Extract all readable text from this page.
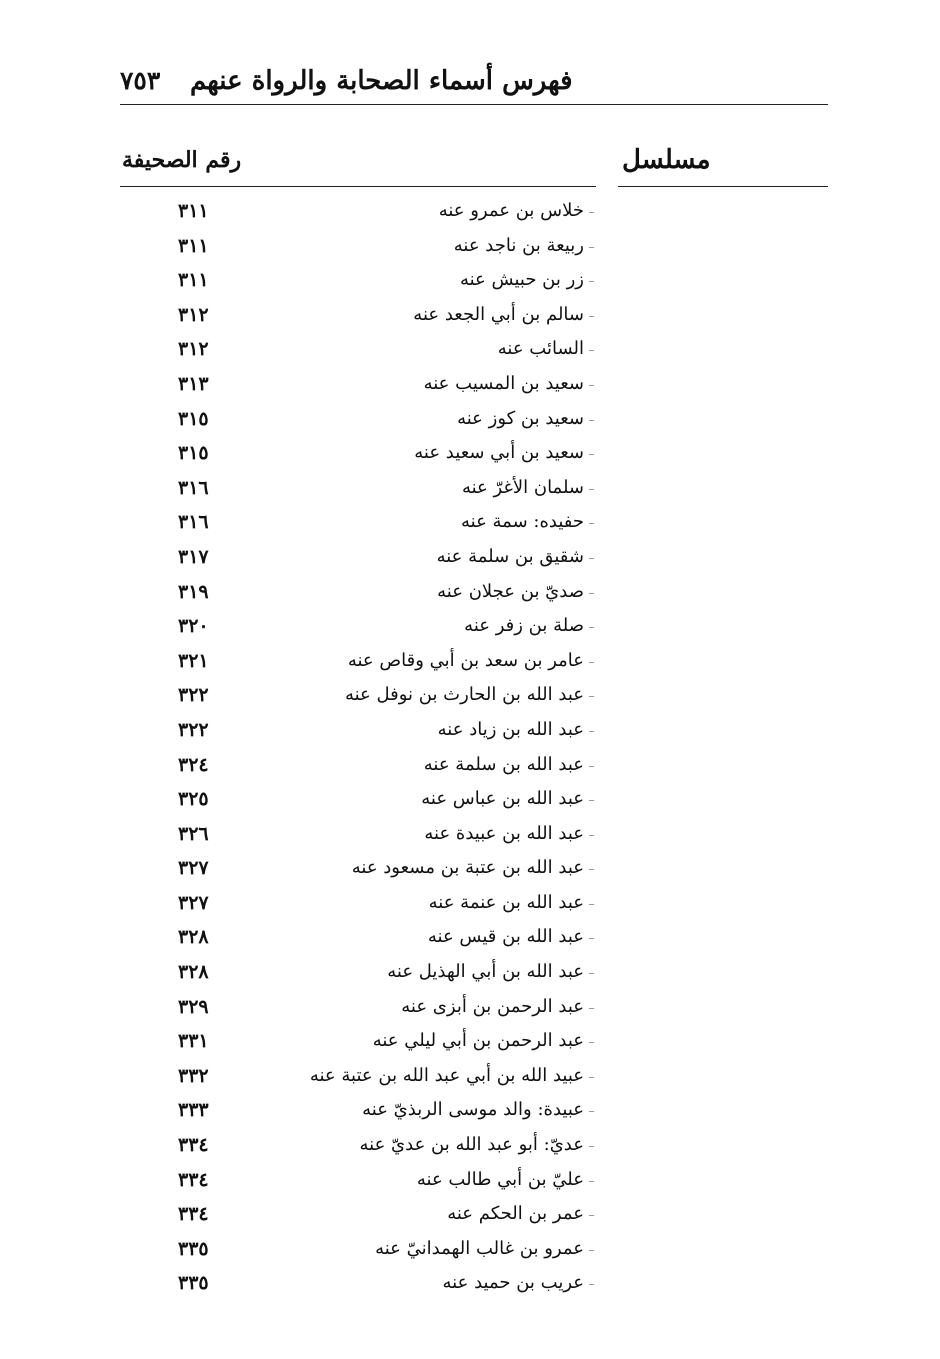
٧٥٣ فهرس أسماء الصحابة والرواة عنهم
رقم الصحيفة	مسلسل
خلاس بن عمرو عنه
٣١١
ربيعة بن ناجد عنه
٣١١
زر بن حبيش عنه
٣١١
سالم بن أبي الجعد عنه
٣١٢
السائب عنه
٣١٢
سعيد بن المسيب عنه
٣١٣
سعيد بن كوز عنه
٣١٥
سعيد بن أبي سعيد عنه
٣١٥
سلمان الأغرّ عنه
٣١٦
حفيده: سمة عنه
٣١٦
شقيق بن سلمة عنه
٣١٧
صديّ بن عجلان عنه
٣١٩
صلة بن زفر عنه
٣٢٠
عامر بن سعد بن أبي وقاص عنه
٣٢١
عبد الله بن الحارث بن نوفل عنه
٣٢٢
عبد الله بن زياد عنه
٣٢٢
عبد الله بن سلمة عنه
٣٢٤
عبد الله بن عباس عنه
٣٢٥
عبد الله بن عبيدة عنه
٣٢٦
عبد الله بن عتبة بن مسعود عنه
٣٢٧
عبد الله بن عنمة عنه
٣٢٧
عبد الله بن قيس عنه
٣٢٨
عبد الله بن أبي الهذيل عنه
٣٢٨
عبد الرحمن بن أبزى عنه
٣٢٩
عبد الرحمن بن أبي ليلي عنه
٣٣١
عبيد الله بن أبي عبد الله بن عتبة عنه
٣٣٢
عبيدة: والد موسى الربذيّ عنه
٣٣٣
عديّ: أبو عبد الله بن عديّ عنه
٣٣٤
عليّ بن أبي طالب عنه
٣٣٤
عمر بن الحكم عنه
٣٣٤
عمرو بن غالب الهمدانيّ عنه
٣٣٥
عريب بن حميد عنه
٣٣٥
